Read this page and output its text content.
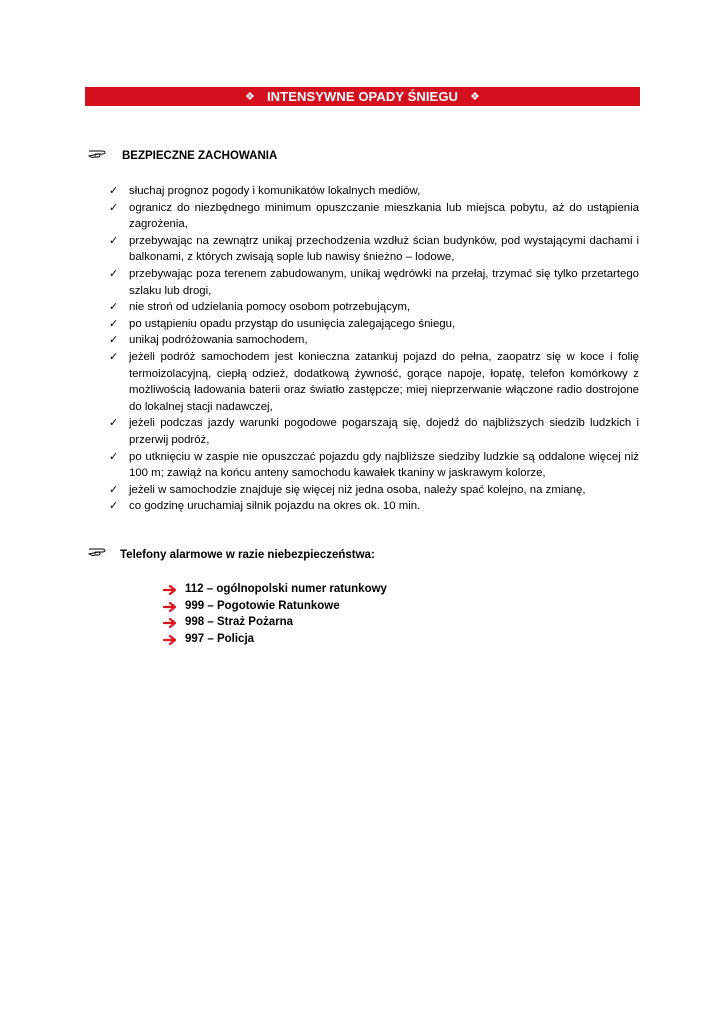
❖ INTENSYWNE OPADY ŚNIEGU ❖
BEZPIECZNE ZACHOWANIA
✓ słuchaj prognoz pogody i komunikatów lokalnych mediów,
✓ ogranicz do niezbędnego minimum opuszczanie mieszkania lub miejsca pobytu, aż do ustąpienia zagrożenia,
✓ przebywając na zewnątrz unikaj przechodzenia wzdłuż ścian budynków, pod wystającymi dachami i balkonami, z których zwisają sople lub nawisy śnieżno – lodowe,
✓ przebywając poza terenem zabudowanym, unikaj wędrówki na przełaj, trzymać się tylko przetartego szlaku lub drogi,
✓ nie stroń od udzielania pomocy osobom potrzebującym,
✓ po ustąpieniu opadu przystąp do usunięcia zalegającego śniegu,
✓ unikaj podróżowania samochodem,
✓ jeżeli podróż samochodem jest konieczna zatankuj pojazd do pełna, zaopatrz się w koce i folię termoizolacyjną, ciepłą odzież, dodatkową żywność, gorące napoje, łopatę, telefon komórkowy z możliwością ładowania baterii oraz światło zastępcze; miej nieprzerwanie włączone radio dostrojone do lokalnej stacji nadawczej,
✓ jeżeli podczas jazdy warunki pogodowe pogarszają się, dojedź do najbliższych siedzib ludzkich i przerwij podróż,
✓ po utknięciu w zaspie nie opuszczać pojazdu gdy najbliższe siedziby ludzkie są oddalone więcej niż 100 m; zawiąż na końcu anteny samochodu kawałek tkaniny w jaskrawym kolorze,
✓ jeżeli w samochodzie znajduje się więcej niż jedna osoba, należy spać kolejno, na zmianę,
✓ co godzinę uruchamiaj silnik pojazdu na okres ok. 10 min.
Telefony alarmowe w razie niebezpieczeństwa:
112 – ogólnopolski numer ratunkowy
999 – Pogotowie Ratunkowe
998 – Straż Pożarna
997 – Policja
